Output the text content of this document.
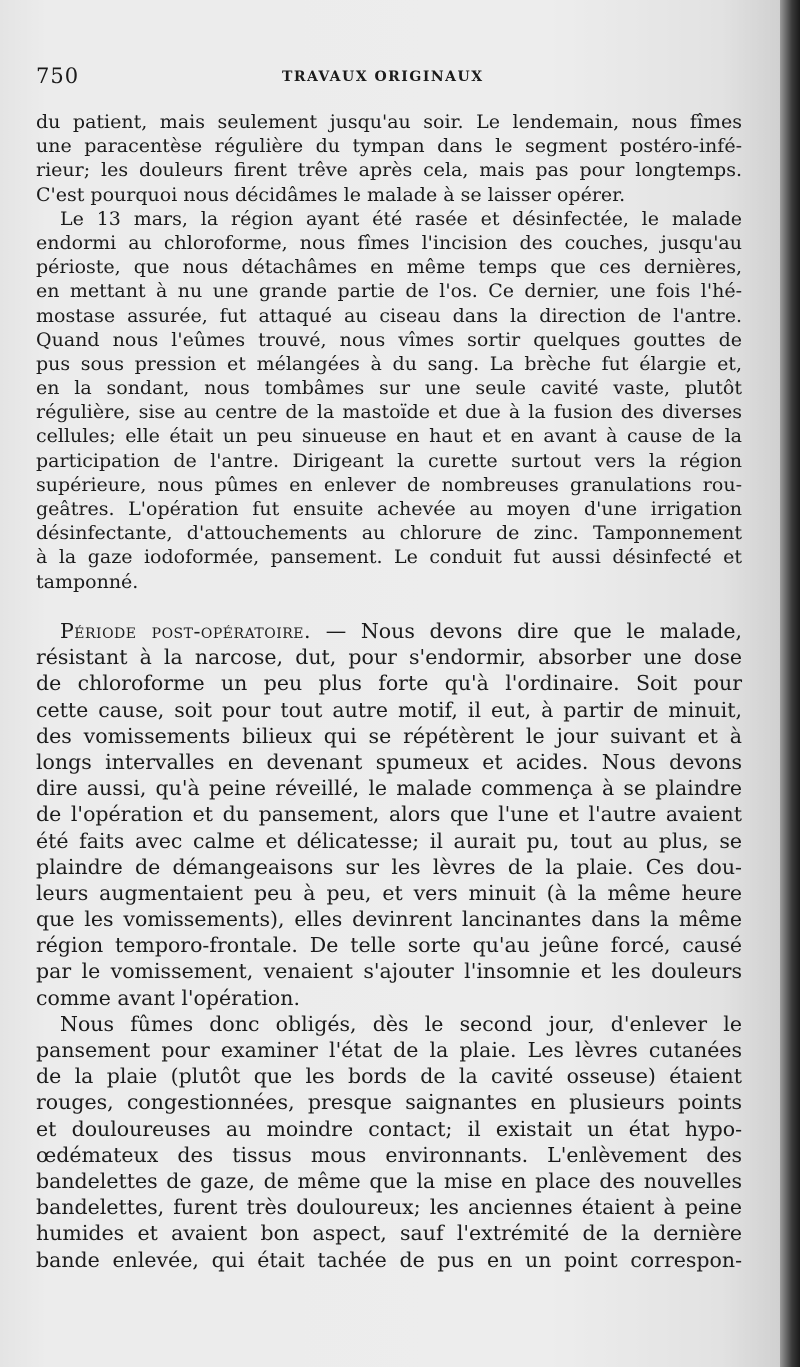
750	TRAVAUX ORIGINAUX
du patient, mais seulement jusqu'au soir. Le lendemain, nous fîmes
une paracentèse régulière du tympan dans le segment postéro-infé-
rieur; les douleurs firent trêve après cela, mais pas pour longtemps.
C'est pourquoi nous décidâmes le malade à se laisser opérer.
Le 13 mars, la région ayant été rasée et désinfectée, le malade
endormi au chloroforme, nous fîmes l'incision des couches, jusqu'au
périoste, que nous détachâmes en même temps que ces dernières,
en mettant à nu une grande partie de l'os. Ce dernier, une fois l'hé-
mostase assurée, fut attaqué au ciseau dans la direction de l'antre.
Quand nous l'eûmes trouvé, nous vîmes sortir quelques gouttes de
pus sous pression et mélangées à du sang. La brèche fut élargie et,
en la sondant, nous tombâmes sur une seule cavité vaste, plutôt
régulière, sise au centre de la mastoïde et due à la fusion des diverses
cellules; elle était un peu sinueuse en haut et en avant à cause de la
participation de l'antre. Dirigeant la curette surtout vers la région
supérieure, nous pûmes en enlever de nombreuses granulations rou-
geâtres. L'opération fut ensuite achevée au moyen d'une irrigation
désinfectante, d'attouchements au chlorure de zinc. Tamponnement
à la gaze iodoformée, pansement. Le conduit fut aussi désinfecté et
tamponné.
Période post-opératoire. — Nous devons dire que le malade,
résistant à la narcose, dut, pour s'endormir, absorber une dose
de chloroforme un peu plus forte qu'à l'ordinaire. Soit pour
cette cause, soit pour tout autre motif, il eut, à partir de minuit,
des vomissements bilieux qui se répétèrent le jour suivant et à
longs intervalles en devenant spumeux et acides. Nous devons
dire aussi, qu'à peine réveillé, le malade commença à se plaindre
de l'opération et du pansement, alors que l'une et l'autre avaient
été faits avec calme et délicatesse; il aurait pu, tout au plus, se
plaindre de démangeaisons sur les lèvres de la plaie. Ces dou-
leurs augmentaient peu à peu, et vers minuit (à la même heure
que les vomissements), elles devinrent lancinantes dans la même
région temporo-frontale. De telle sorte qu'au jeûne forcé, causé
par le vomissement, venaient s'ajouter l'insomnie et les douleurs
comme avant l'opération.
Nous fûmes donc obligés, dès le second jour, d'enlever le
pansement pour examiner l'état de la plaie. Les lèvres cutanées
de la plaie (plutôt que les bords de la cavité osseuse) étaient
rouges, congestionnées, presque saignantes en plusieurs points
et douloureuses au moindre contact; il existait un état hypo-
œdémateux des tissus mous environnants. L'enlèvement des
bandelettes de gaze, de même que la mise en place des nouvelles
bandelettes, furent très douloureux; les anciennes étaient à peine
humides et avaient bon aspect, sauf l'extrémité de la dernière
bande enlevée, qui était tachée de pus en un point correspon-
